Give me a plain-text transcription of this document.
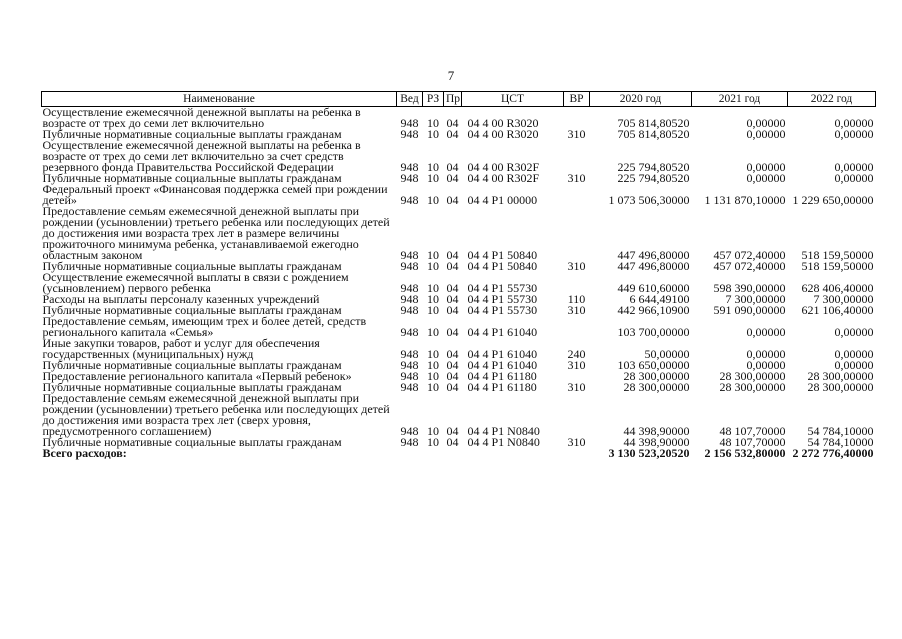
7
Наименование	Вед	РЗ	Пр	ЦСТ	ВР	2020 год	2021 год	2022 год
Осуществление ежемесячной денежной выплаты на ребенка в возрасте от трех до семи лет включительно	948	10	04	04 4 00 R3020		705 814,80520	0,00000	0,00000
Публичные нормативные социальные выплаты гражданам	948	10	04	04 4 00 R3020	310	705 814,80520	0,00000	0,00000
Осуществление ежемесячной денежной выплаты на ребенка в возрасте от трех до семи лет включительно за счет средств резервного фонда Правительства Российской Федерации	948	10	04	04 4 00 R302F		225 794,80520	0,00000	0,00000
Публичные нормативные социальные выплаты гражданам	948	10	04	04 4 00 R302F	310	225 794,80520	0,00000	0,00000
Федеральный проект «Финансовая поддержка семей при рождении детей»	948	10	04	04 4 P1 00000		1 073 506,30000	1 131 870,10000	1 229 650,00000
Предоставление семьям ежемесячной денежной выплаты при рождении (усыновлении) третьего ребенка или последующих детей до достижения ими возраста трех лет в размере величины прожиточного минимума ребенка, устанавливаемой ежегодно областным законом	948	10	04	04 4 P1 50840		447 496,80000	457 072,40000	518 159,50000
Публичные нормативные социальные выплаты гражданам	948	10	04	04 4 P1 50840	310	447 496,80000	457 072,40000	518 159,50000
Осуществление ежемесячной выплаты в связи с рождением (усыновлением) первого ребенка	948	10	04	04 4 P1 55730		449 610,60000	598 390,00000	628 406,40000
Расходы на выплаты персоналу казенных учреждений	948	10	04	04 4 P1 55730	110	6 644,49100	7 300,00000	7 300,00000
Публичные нормативные социальные выплаты гражданам	948	10	04	04 4 P1 55730	310	442 966,10900	591 090,00000	621 106,40000
Предоставление семьям, имеющим трех и более детей, средств регионального капитала «Семья»	948	10	04	04 4 P1 61040		103 700,00000	0,00000	0,00000
Иные закупки товаров, работ и услуг для обеспечения государственных (муниципальных) нужд	948	10	04	04 4 P1 61040	240	50,00000	0,00000	0,00000
Публичные нормативные социальные выплаты гражданам	948	10	04	04 4 P1 61040	310	103 650,00000	0,00000	0,00000
Предоставление регионального капитала «Первый ребенок»	948	10	04	04 4 P1 61180		28 300,00000	28 300,00000	28 300,00000
Публичные нормативные социальные выплаты гражданам	948	10	04	04 4 P1 61180	310	28 300,00000	28 300,00000	28 300,00000
Предоставление семьям ежемесячной денежной выплаты при рождении (усыновлении) третьего ребенка или последующих детей до достижения ими возраста трех лет (сверх уровня, предусмотренного соглашением)	948	10	04	04 4 P1 N0840		44 398,90000	48 107,70000	54 784,10000
Публичные нормативные социальные выплаты гражданам	948	10	04	04 4 P1 N0840	310	44 398,90000	48 107,70000	54 784,10000
Всего расходов:						3 130 523,20520	2 156 532,80000	2 272 776,40000
